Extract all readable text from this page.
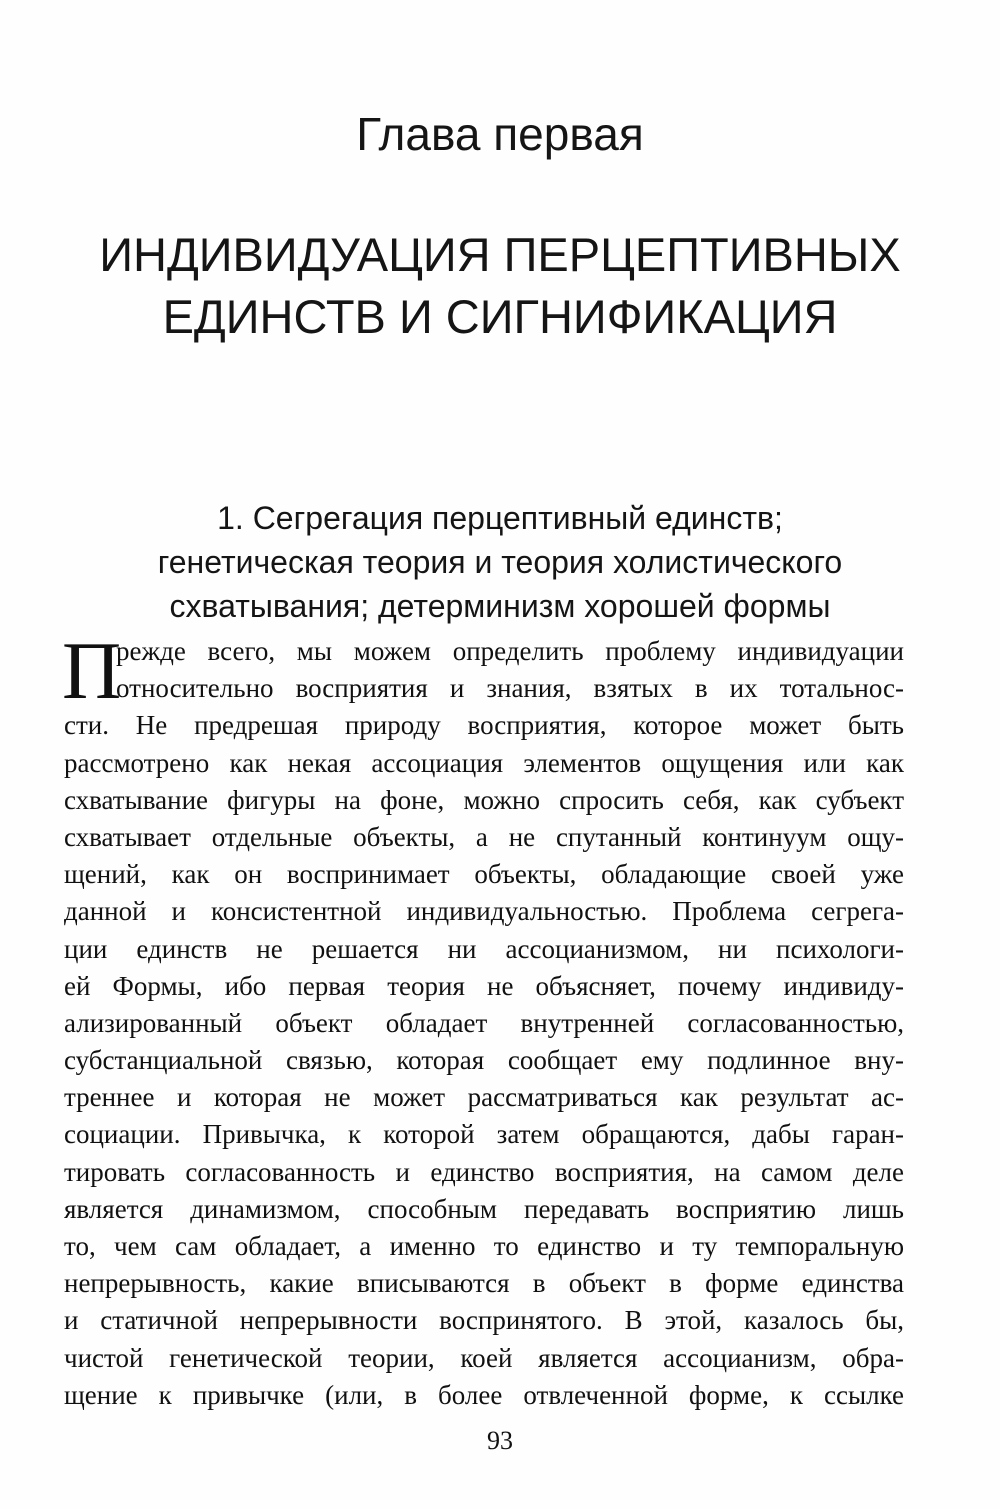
Глава первая
ИНДИВИДУАЦИЯ ПЕРЦЕПТИВНЫХ
ЕДИНСТВ И СИГНИФИКАЦИЯ
1. Сегрегация перцептивный единств;
генетическая теория и теория холистического
схватывания; детерминизм хорошей формы
П
режде всего, мы можем определить проблему индивидуации
относительно восприятия и знания, взятых в их тотальнос-
сти. Не предрешая природу восприятия, которое может быть
рассмотрено как некая ассоциация элементов ощущения или как
схватывание фигуры на фоне, можно спросить себя, как субъект
схватывает отдельные объекты, а не спутанный континуум ощу-
щений, как он воспринимает объекты, обладающие своей уже
данной и консистентной индивидуальностью. Проблема сегрега-
ции единств не решается ни ассоцианизмом, ни психологи-
ей Формы, ибо первая теория не объясняет, почему индивиду-
ализированный объект обладает внутренней согласованностью,
субстанциальной связью, которая сообщает ему подлинное вну-
треннее и которая не может рассматриваться как результат ас-
социации. Привычка, к которой затем обращаются, дабы гаран-
тировать согласованность и единство восприятия, на самом деле
является динамизмом, способным передавать восприятию лишь
то, чем сам обладает, а именно то единство и ту темпоральную
непрерывность, какие вписываются в объект в форме единства
и статичной непрерывности воспринятого. В этой, казалось бы,
чистой генетической теории, коей является ассоцианизм, обра-
щение к привычке (или, в более отвлеченной форме, к ссылке
93
